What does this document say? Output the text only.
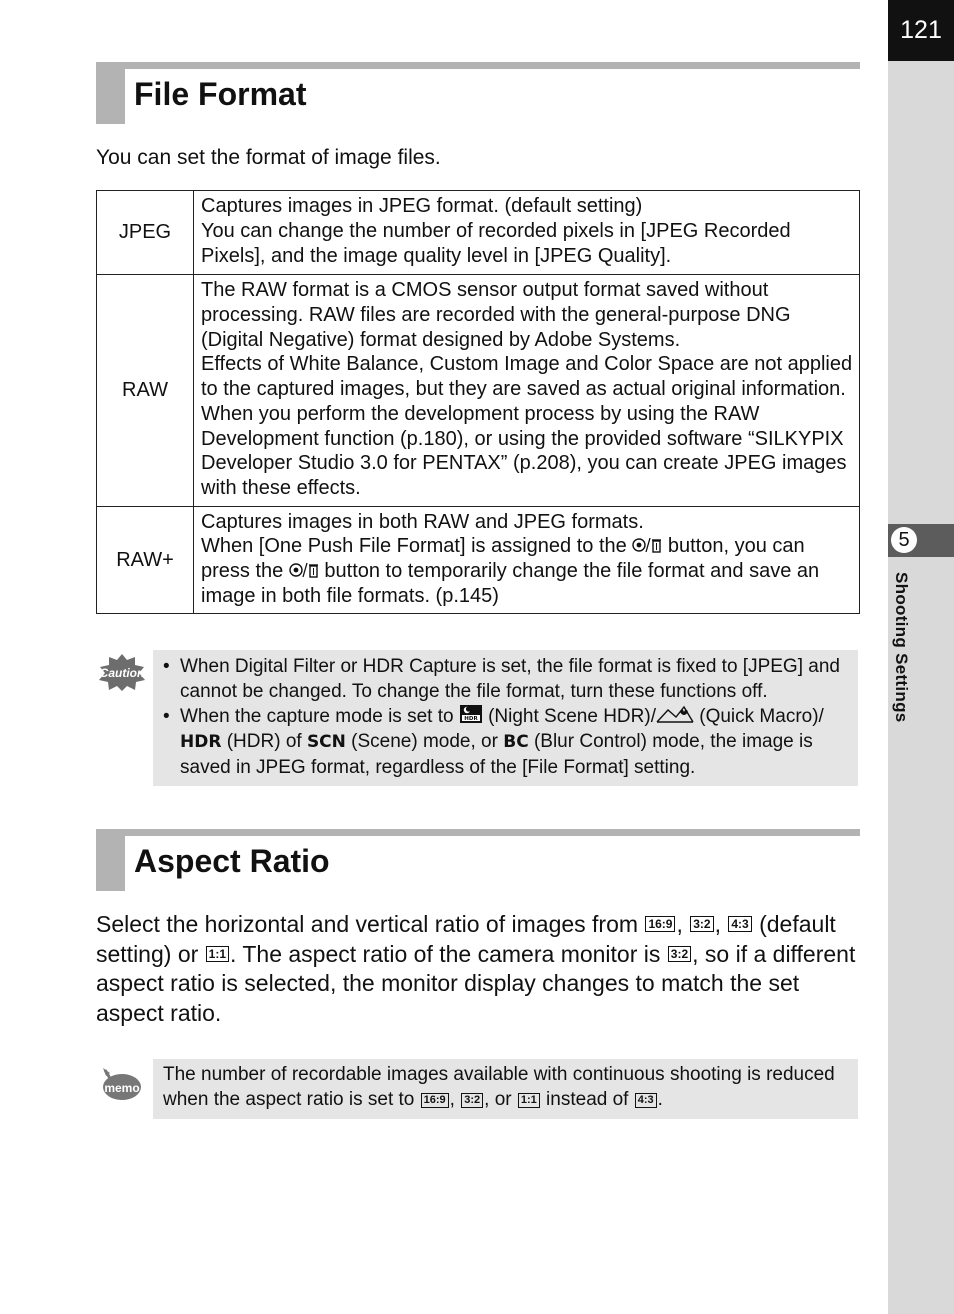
121
5
Shooting Settings
File Format
You can set the format of image files.
JPEG	Captures images in JPEG format. (default setting)
You can change the number of recorded pixels in [JPEG Recorded Pixels], and the image quality level in [JPEG Quality].

RAW	The RAW format is a CMOS sensor output format saved without processing. RAW files are recorded with the general-purpose DNG (Digital Negative) format designed by Adobe Systems.
Effects of White Balance, Custom Image and Color Space are not applied to the captured images, but they are saved as actual original information. When you perform the development process by using the RAW Development function (p.180), or using the provided software “SILKYPIX Developer Studio 3.0 for PENTAX” (p.208), you can create JPEG images with these effects.

RAW+	Captures images in both RAW and JPEG formats.
When [One Push File Format] is assigned to the  button, you can press the  button to temporarily change the file format and save an image in both file formats. (p.145)
Caution	• When Digital Filter or HDR Capture is set, the file format is fixed to [JPEG] and cannot be changed. To change the file format, turn these functions off.
• When the capture mode is set to HDR (Night Scene HDR)/ (Quick Macro)/ HDR (HDR) of SCN (Scene) mode, or BC (Blur Control) mode, the image is saved in JPEG format, regardless of the [File Format] setting.
Aspect Ratio
Select the horizontal and vertical ratio of images from 16:9 , 3:2 , 4:3 (default setting) or 1:1 . The aspect ratio of the camera monitor is 3:2 , so if a different aspect ratio is selected, the monitor display changes to match the set aspect ratio.
memo
The number of recordable images available with continuous shooting is reduced when the aspect ratio is set to 16:9 , 3:2 , or 1:1 instead of 4:3 .
